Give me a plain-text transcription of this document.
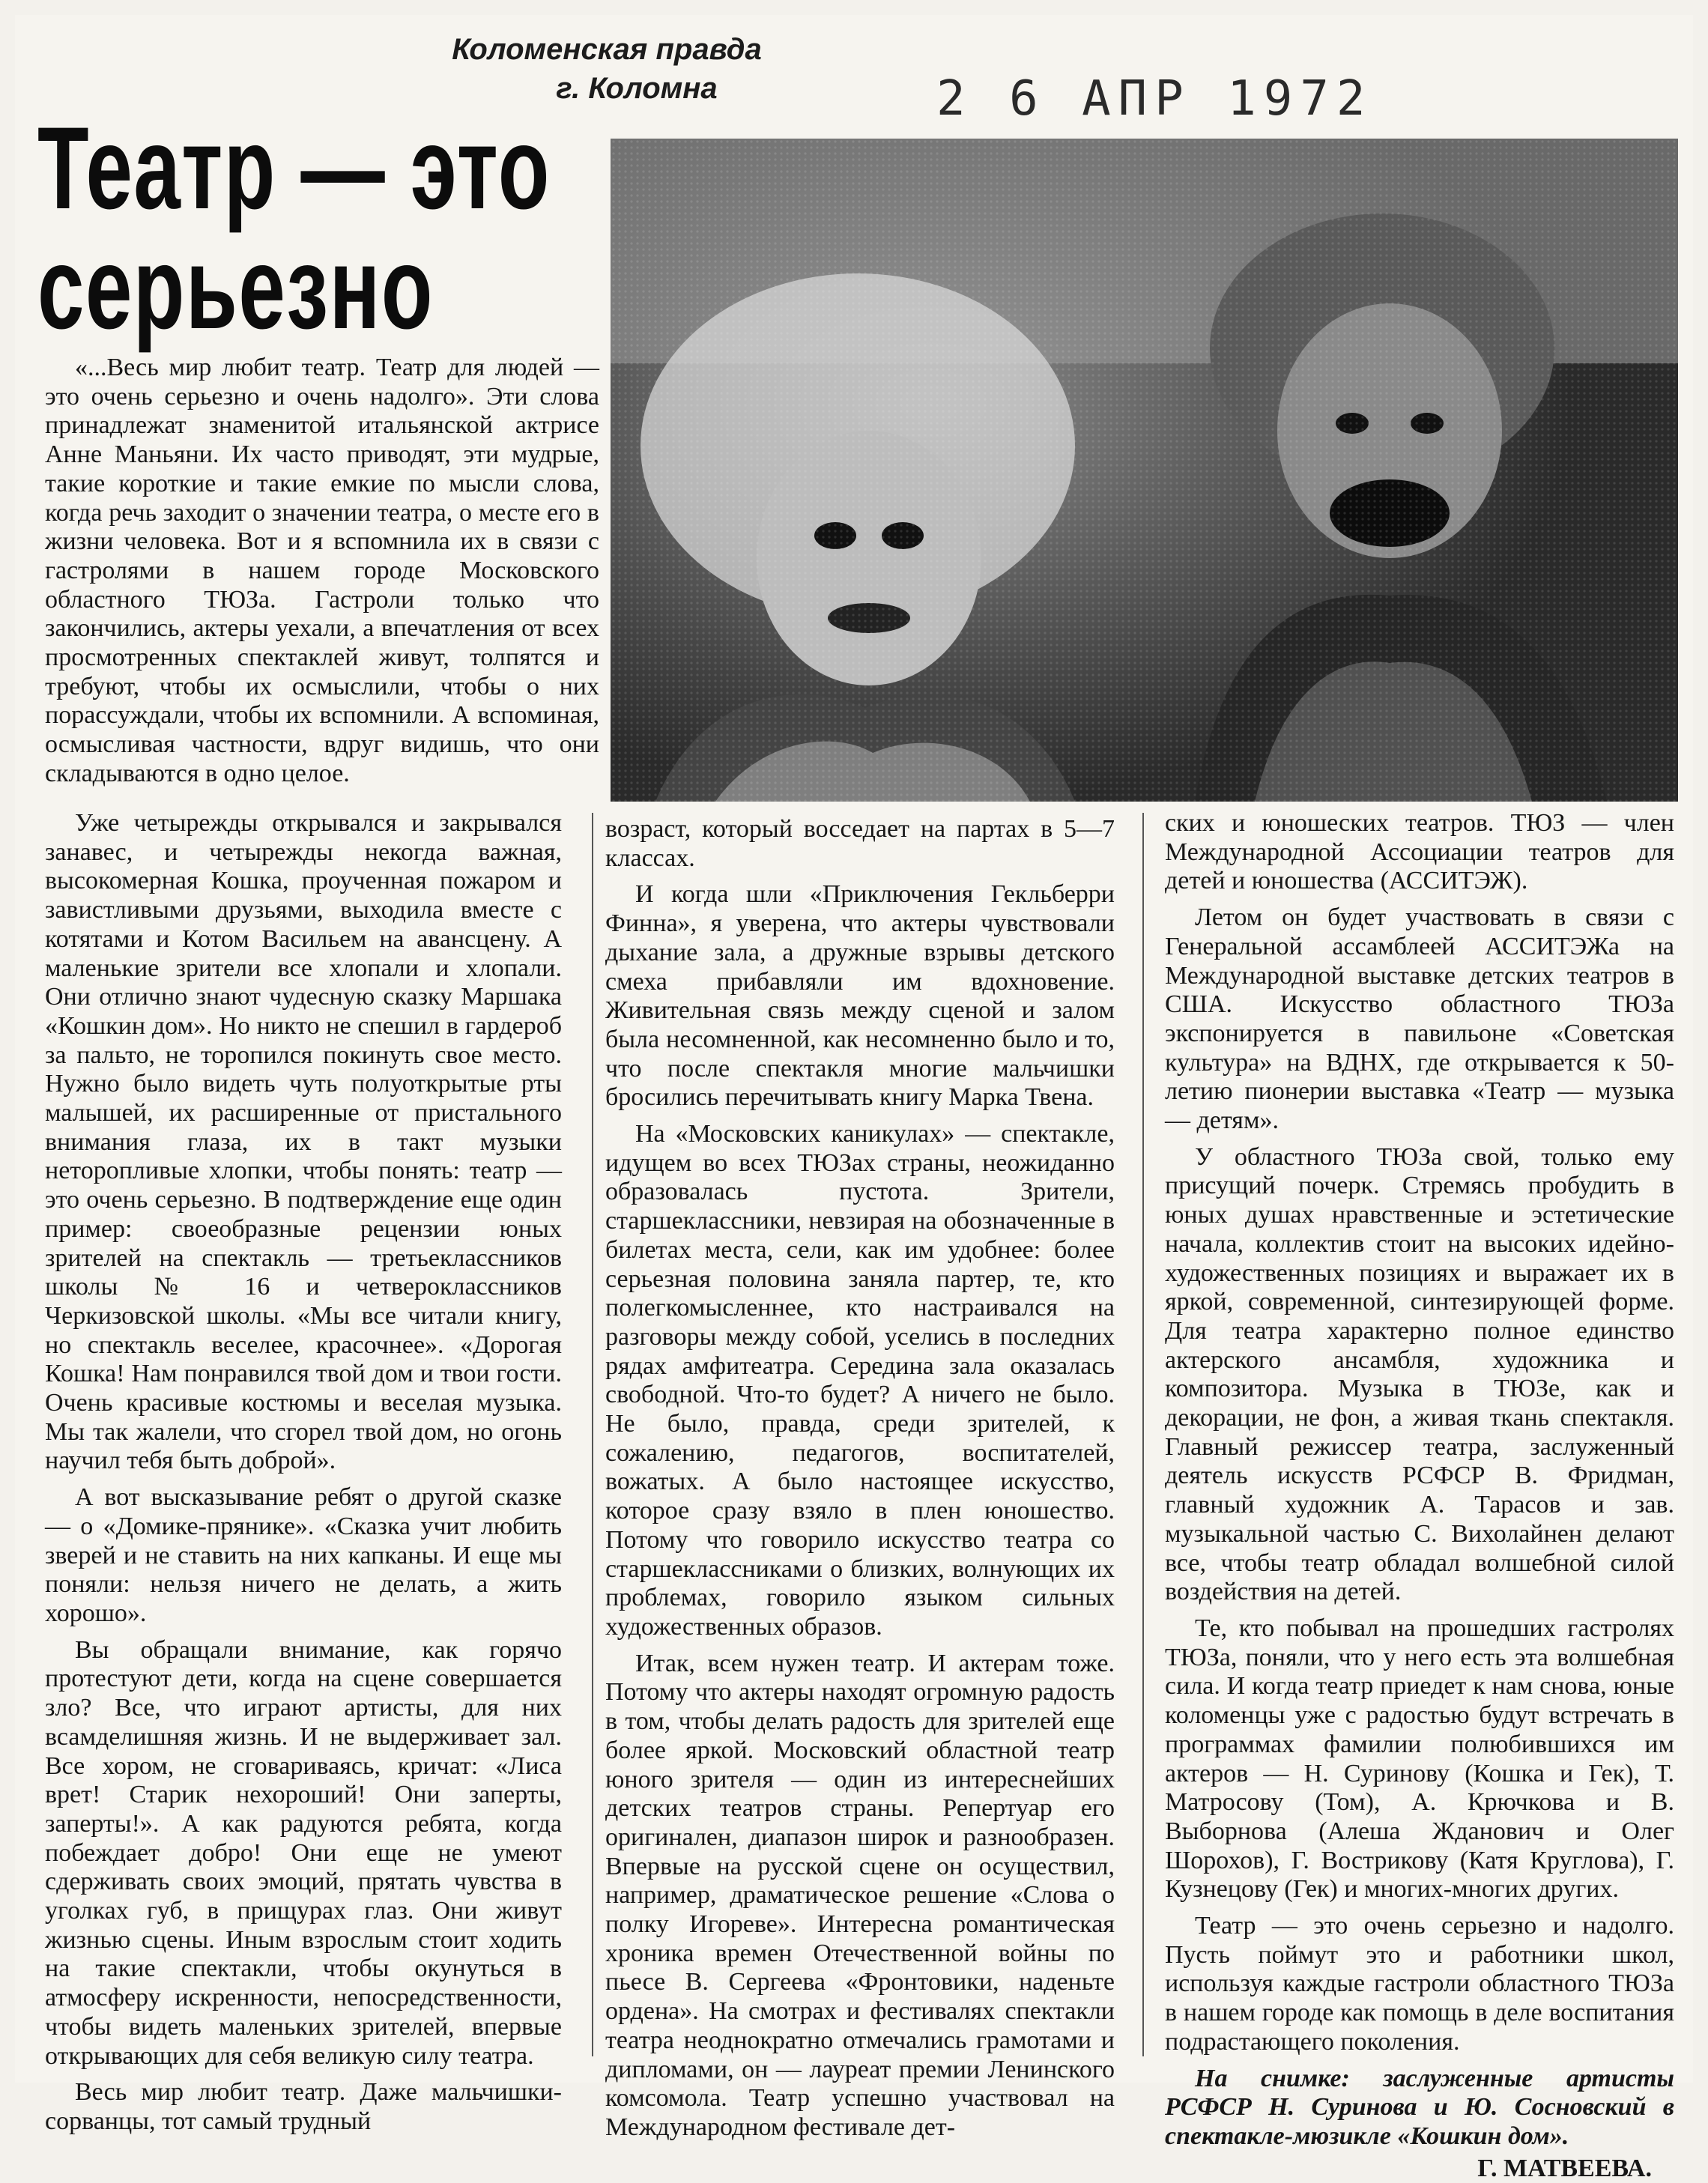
Коломенская правда
г. Коломна	2 6 АПР 1972
Театр — это
серьезно

«...Весь мир любит театр. Театр для людей — это очень серьезно и очень надолго». Эти слова принадлежат знаменитой итальянской актрисе Анне Маньяни. Их часто приводят, эти мудрые, такие короткие и такие емкие по мысли слова, когда речь заходит о значении театра, о месте его в жизни человека. Вот и я вспомнила их в связи с гастролями в нашем городе Московского областного ТЮЗа. Гастроли только что закончились, актеры уехали, а впечатления от всех просмотренных спектаклей живут, толпятся и требуют, чтобы их осмыслили, чтобы о них порассуждали, чтобы их вспомнили. А вспоминая, осмысливая частности, вдруг видишь, что они складываются в одно целое.

Уже четырежды открывался и закрывался занавес, и четырежды некогда важная, высокомерная Кошка, проученная пожаром и завистливыми друзьями, выходила вместе с котятами и Котом Васильем на авансцену. А маленькие зрители все хлопали и хлопали. Они отлично знают чудесную сказку Маршака «Кошкин дом». Но никто не спешил в гардероб за пальто, не торопился покинуть свое место. Нужно было видеть чуть полуоткрытые рты малышей, их расширенные от пристального внимания глаза, их в такт музыки неторопливые хлопки, чтобы понять: театр — это очень серьезно. В подтверждение еще один пример: своеобразные рецензии юных зрителей на спектакль — третьеклассников школы № 16 и четвероклассников Черкизовской школы. «Мы все читали книгу, но спектакль веселее, красочнее». «Дорогая Кошка! Нам понравился твой дом и твои гости. Очень красивые костюмы и веселая музыка. Мы так жалели, что сгорел твой дом, но огонь научил тебя быть доброй».

А вот высказывание ребят о другой сказке — о «Домике-прянике». «Сказка учит любить зверей и не ставить на них капканы. И еще мы поняли: нельзя ничего не делать, а жить хорошо».

Вы обращали внимание, как горячо протестуют дети, когда на сцене совершается зло? Все, что играют артисты, для них всамделишняя жизнь. И не выдерживает зал. Все хором, не сговариваясь, кричат: «Лиса врет! Старик нехороший! Они заперты, заперты!». А как радуются ребята, когда побеждает добро! Они еще не умеют сдерживать своих эмоций, прятать чувства в уголках губ, в прищурах глаз. Они живут жизнью сцены. Иным взрослым стоит ходить на такие спектакли, чтобы окунуться в атмосферу искренности, непосредственности, чтобы видеть маленьких зрителей, впервые открывающих для себя великую силу театра.

Весь мир любит театр. Даже мальчишки-сорванцы, тот самый трудный

возраст, который восседает на партах в 5—7 классах.

И когда шли «Приключения Гекльберри Финна», я уверена, что актеры чувствовали дыхание зала, а дружные взрывы детского смеха прибавляли им вдохновение. Живительная связь между сценой и залом была несомненной, как несомненно было и то, что после спектакля многие мальчишки бросились перечитывать книгу Марка Твена.

На «Московских каникулах» — спектакле, идущем во всех ТЮЗах страны, неожиданно образовалась пустота. Зрители, старшеклассники, невзирая на обозначенные в билетах места, сели, как им удобнее: более серьезная половина заняла партер, те, кто полегкомысленнее, кто настраивался на разговоры между собой, уселись в последних рядах амфитеатра. Середина зала оказалась свободной. Что-то будет? А ничего не было. Не было, правда, среди зрителей, к сожалению, педагогов, воспитателей, вожатых. А было настоящее искусство, которое сразу взяло в плен юношество. Потому что говорило искусство театра со старшеклассниками о близких, волнующих их проблемах, говорило языком сильных художественных образов.

Итак, всем нужен театр. И актерам тоже. Потому что актеры находят огромную радость в том, чтобы делать радость для зрителей еще более яркой. Московский областной театр юного зрителя — один из интереснейших детских театров страны. Репертуар его оригинален, диапазон широк и разнообразен. Впервые на русской сцене он осуществил, например, драматическое решение «Слова о полку Игореве». Интересна романтическая хроника времен Отечественной войны по пьесе В. Сергеева «Фронтовики, наденьте ордена». На смотрах и фестивалях спектакли театра неоднократно отмечались грамотами и дипломами, он — лауреат премии Ленинского комсомола. Театр успешно участвовал на Международном фестивале дет-

ских и юношеских театров. ТЮЗ — член Международной Ассоциации театров для детей и юношества (АССИТЭЖ).

Летом он будет участвовать в связи с Генеральной ассамблеей АССИТЭЖа на Международной выставке детских театров в США. Искусство областного ТЮЗа экспонируется в павильоне «Советская культура» на ВДНХ, где открывается к 50-летию пионерии выставка «Театр — музыка — детям».

У областного ТЮЗа свой, только ему присущий почерк. Стремясь пробудить в юных душах нравственные и эстетические начала, коллектив стоит на высоких идейно-художественных позициях и выражает их в яркой, современной, синтезирующей форме. Для театра характерно полное единство актерского ансамбля, художника и композитора. Музыка в ТЮЗе, как и декорации, не фон, а живая ткань спектакля. Главный режиссер театра, заслуженный деятель искусств РСФСР В. Фридман, главный художник А. Тарасов и зав. музыкальной частью С. Вихолайнен делают все, чтобы театр обладал волшебной силой воздействия на детей.

Те, кто побывал на прошедших гастролях ТЮЗа, поняли, что у него есть эта волшебная сила. И когда театр приедет к нам снова, юные коломенцы уже с радостью будут встречать в программах фамилии полюбившихся им актеров — Н. Суринову (Кошка и Гек), Т. Матросову (Том), А. Крючкова и В. Выборнова (Алеша Жданович и Олег Шорохов), Г. Вострикову (Катя Круглова), Г. Кузнецову (Гек) и многих-многих других.

Театр — это очень серьезно и надолго. Пусть поймут это и работники школ, используя каждые гастроли областного ТЮЗа в нашем городе как помощь в деле воспитания подрастающего поколения.

На снимке: заслуженные артисты РСФСР Н. Суринова и Ю. Сосновский в спектакле-мюзикле «Кошкин дом».
Г. МАТВЕЕВА.
